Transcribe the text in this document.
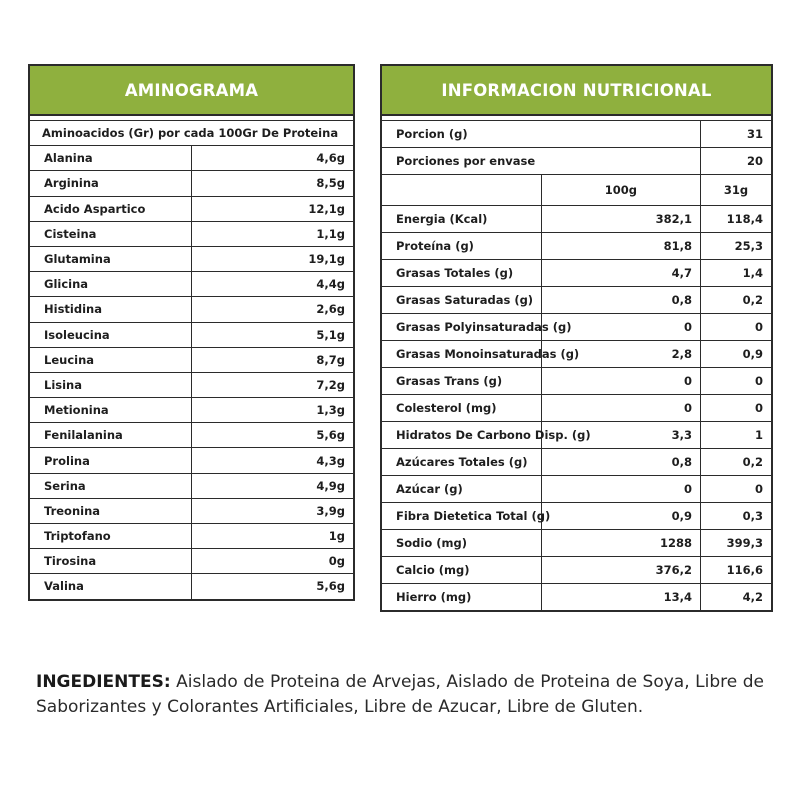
AMINOGRAMA
Aminoacidos (Gr) por cada 100Gr De Proteina	
Alanina	4,6g
Arginina	8,5g
Acido Aspartico	12,1g
Cisteina	1,1g
Glutamina	19,1g
Glicina	4,4g
Histidina	2,6g
Isoleucina	5,1g
Leucina	8,7g
Lisina	7,2g
Metionina	1,3g
Fenilalanina	5,6g
Prolina	4,3g
Serina	4,9g
Treonina	3,9g
Triptofano	1g
Tirosina	0g
Valina	5,6g
INFORMACION NUTRICIONAL
Porcion (g)		31
Porciones por envase		20
	100g	31g
Energia (Kcal)	382,1	118,4
Proteína (g)	81,8	25,3
Grasas Totales (g)	4,7	1,4
Grasas Saturadas (g)	0,8	0,2
Grasas Polyinsaturadas (g)	0	0
Grasas Monoinsaturadas (g)	2,8	0,9
Grasas Trans (g)	0	0
Colesterol (mg)	0	0
Hidratos De Carbono Disp. (g)	3,3	1
Azúcares Totales (g)	0,8	0,2
Azúcar (g)	0	0
Fibra Dietetica Total (g)	0,9	0,3
Sodio (mg)	1288	399,3
Calcio (mg)	376,2	116,6
Hierro (mg)	13,4	4,2
INGEDIENTES: Aislado de Proteina de Arvejas, Aislado de Proteina de Soya, Libre de Saborizantes y Colorantes Artificiales, Libre de Azucar, Libre de Gluten.
